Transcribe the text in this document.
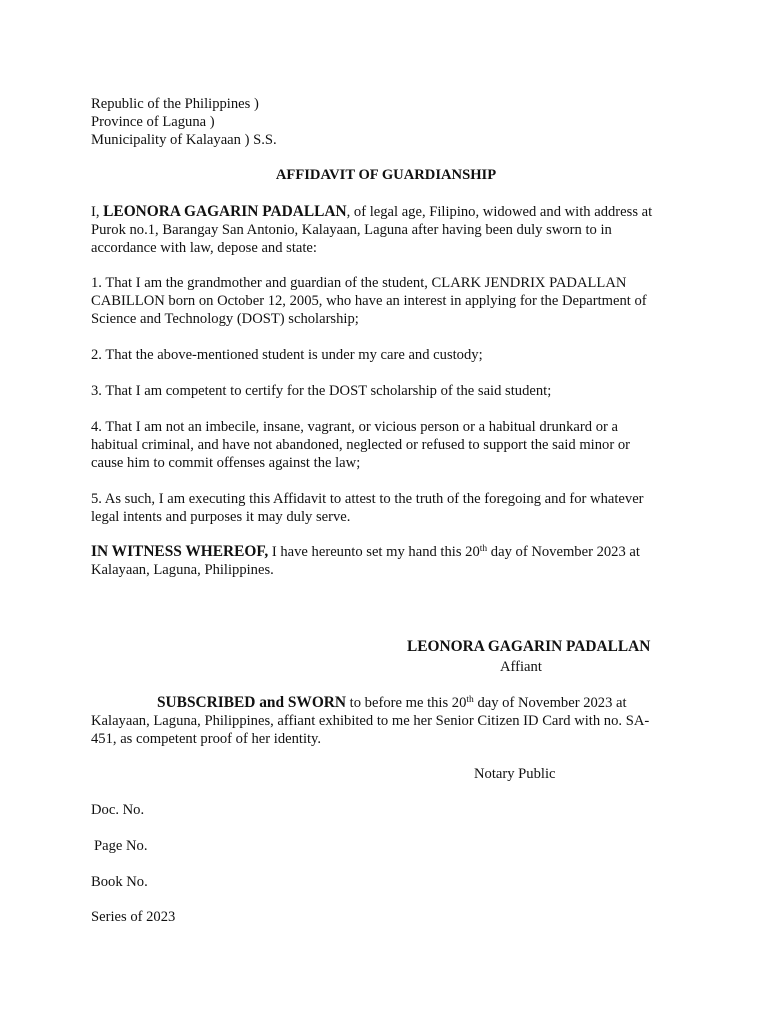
Republic of the Philippines )
Province of Laguna )
Municipality of Kalayaan ) S.S.
AFFIDAVIT OF GUARDIANSHIP
I, LEONORA GAGARIN PADALLAN, of legal age, Filipino, widowed and with address at
Purok no.1, Barangay San Antonio, Kalayaan, Laguna after having been duly sworn to in
accordance with law, depose and state:
1. That I am the grandmother and guardian of the student, CLARK JENDRIX PADALLAN
CABILLON born on October 12, 2005, who have an interest in applying for the Department of
Science and Technology (DOST) scholarship;
2. That the above-mentioned student is under my care and custody;
3. That I am competent to certify for the DOST scholarship of the said student;
4. That I am not an imbecile, insane, vagrant, or vicious person or a habitual drunkard or a
habitual criminal, and have not abandoned, neglected or refused to support the said minor or
cause him to commit offenses against the law;
5. As such, I am executing this Affidavit to attest to the truth of the foregoing and for whatever
legal intents and purposes it may duly serve.
IN WITNESS WHEREOF, I have hereunto set my hand this 20th day of November 2023 at
Kalayaan, Laguna, Philippines.
LEONORA GAGARIN PADALLAN
Affiant
SUBSCRIBED and SWORN to before me this 20th day of November 2023 at
Kalayaan, Laguna, Philippines, affiant exhibited to me her Senior Citizen ID Card with no. SA-
451, as competent proof of her identity.
Notary Public
Doc. No.
Page No.
Book No.
Series of 2023
